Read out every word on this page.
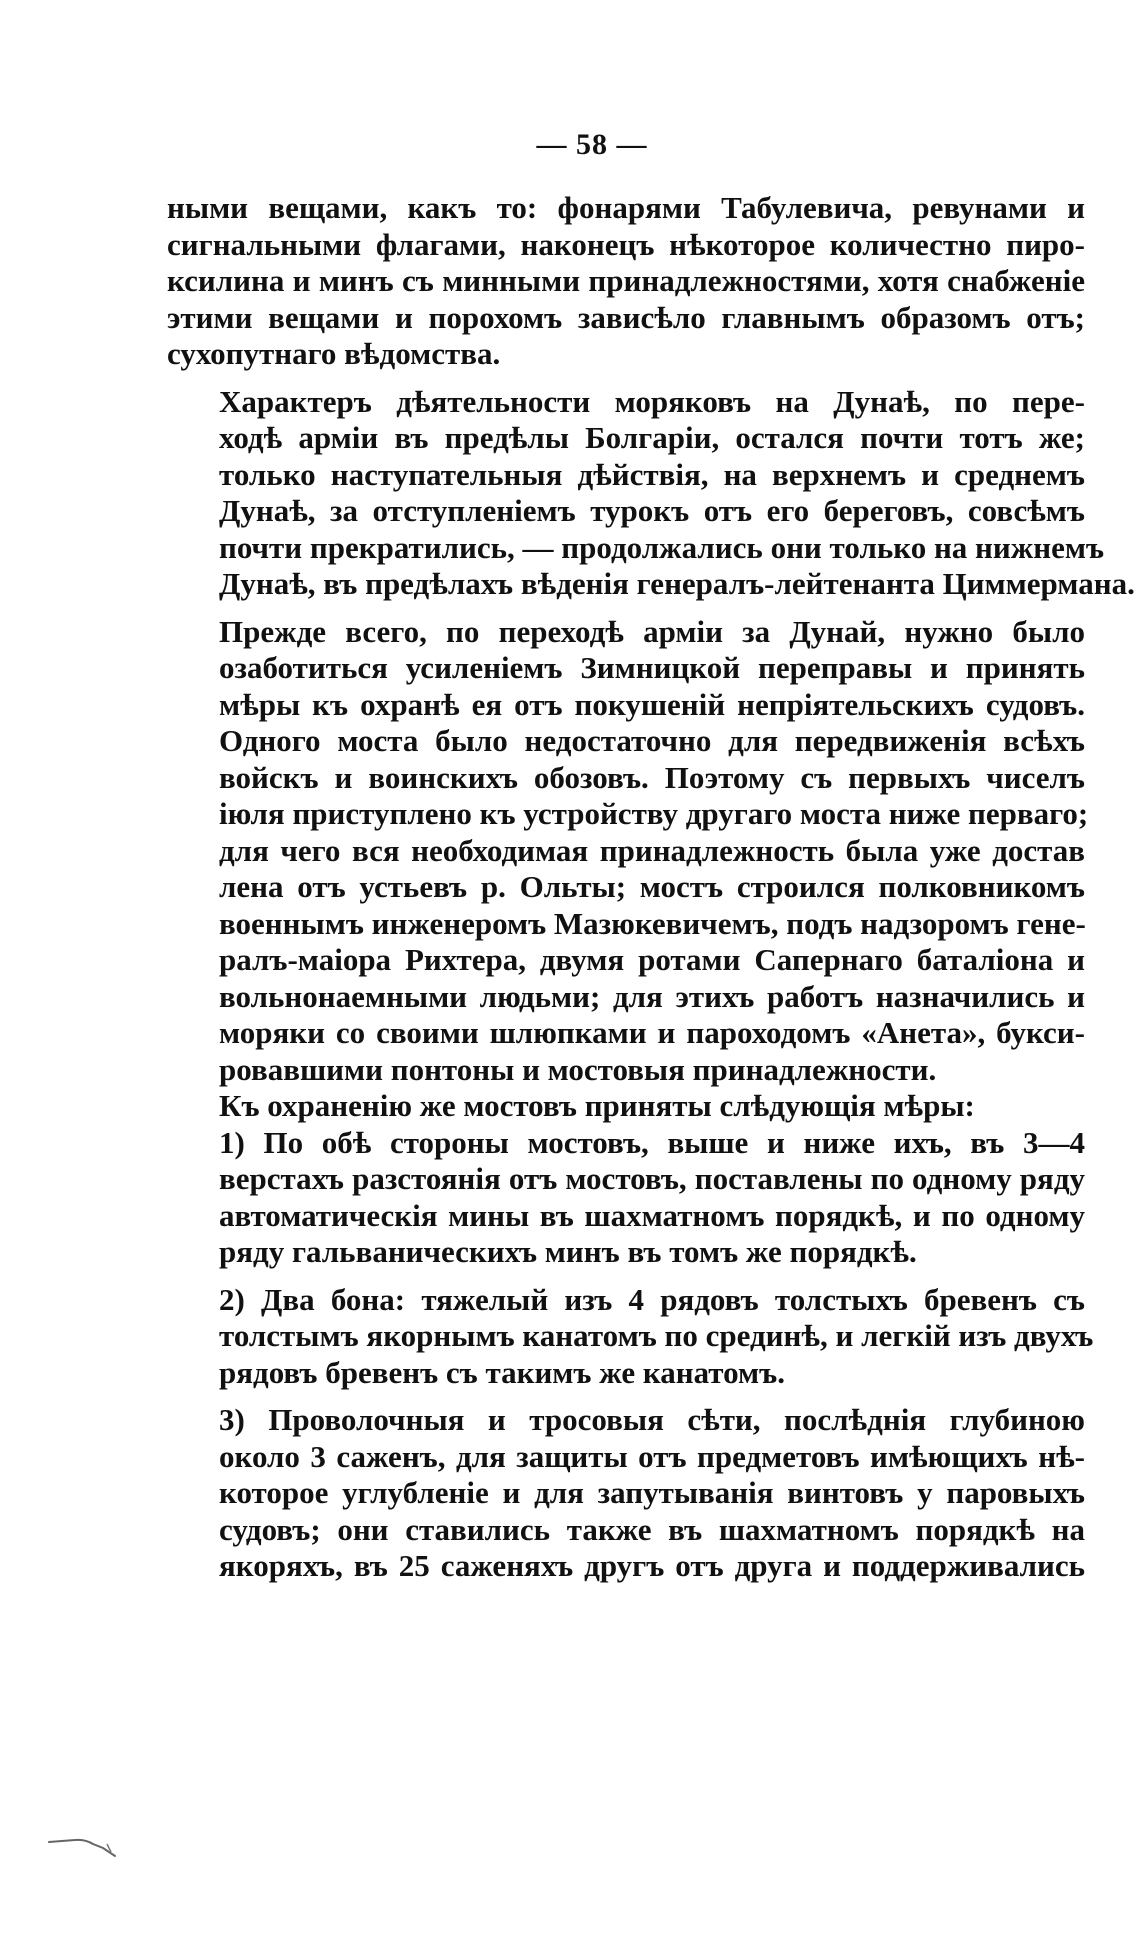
— 58 —
ными вещами, какъ то: фонарями Табулевича, ревунами и
сигнальными флагами, наконецъ нѣкоторое количестно пиро-
ксилина и минъ съ минными принадлежностями, хотя снабженіе
этими вещами и порохомъ зависѣло главнымъ образомъ отъ;
сухопутнаго вѣдомства.
Характеръ дѣятельности моряковъ на Дунаѣ, по пере-
ходѣ арміи въ предѣлы Болгаріи, остался почти тотъ же;
только наступательныя дѣйствія, на верхнемъ и среднемъ
Дунаѣ, за отступленіемъ турокъ отъ его береговъ, совсѣмъ
почти прекратились, — продолжались они только на нижнемъ
Дунаѣ, въ предѣлахъ вѣденія генералъ-лейтенанта Циммермана.
Прежде всего, по переходѣ арміи за Дунай, нужно было
озаботиться усиленіемъ Зимницкой переправы и принять
мѣры къ охранѣ ея отъ покушеній непріятельскихъ судовъ.
Одного моста было недостаточно для передвиженія всѣхъ
войскъ и воинскихъ обозовъ. Поэтому съ первыхъ чиселъ
іюля приступлено къ устройству другаго моста ниже перваго;
для чего вся необходимая принадлежность была уже достав
лена отъ устьевъ р. Ольты; мостъ строился полковникомъ
военнымъ инженеромъ Мазюкевичемъ, подъ надзоромъ гене-
ралъ-маіора Рихтера, двумя ротами Сапернаго баталіона и
вольнонаемными людьми; для этихъ работъ назначились и
моряки со своими шлюпками и пароходомъ «Анета», букси-
ровавшими понтоны и мостовыя принадлежности.
Къ охраненію же мостовъ приняты слѣдующія мѣры:
1) По обѣ стороны мостовъ, выше и ниже ихъ, въ 3—4
верстахъ разстоянія отъ мостовъ, поставлены по одному ряду
автоматическія мины въ шахматномъ порядкѣ, и по одному
ряду гальваническихъ минъ въ томъ же порядкѣ.
2) Два бона: тяжелый изъ 4 рядовъ толстыхъ бревенъ съ
толстымъ якорнымъ канатомъ по срединѣ, и легкій изъ двухъ
рядовъ бревенъ съ такимъ же канатомъ.
3) Проволочныя и тросовыя сѣти, послѣднія глубиною
около 3 саженъ, для защиты отъ предметовъ имѣющихъ нѣ-
которое углубленіе и для запутыванія винтовъ у паровыхъ
судовъ; они ставились также въ шахматномъ порядкѣ на
якоряхъ, въ 25 саженяхъ другъ отъ друга и поддерживались
